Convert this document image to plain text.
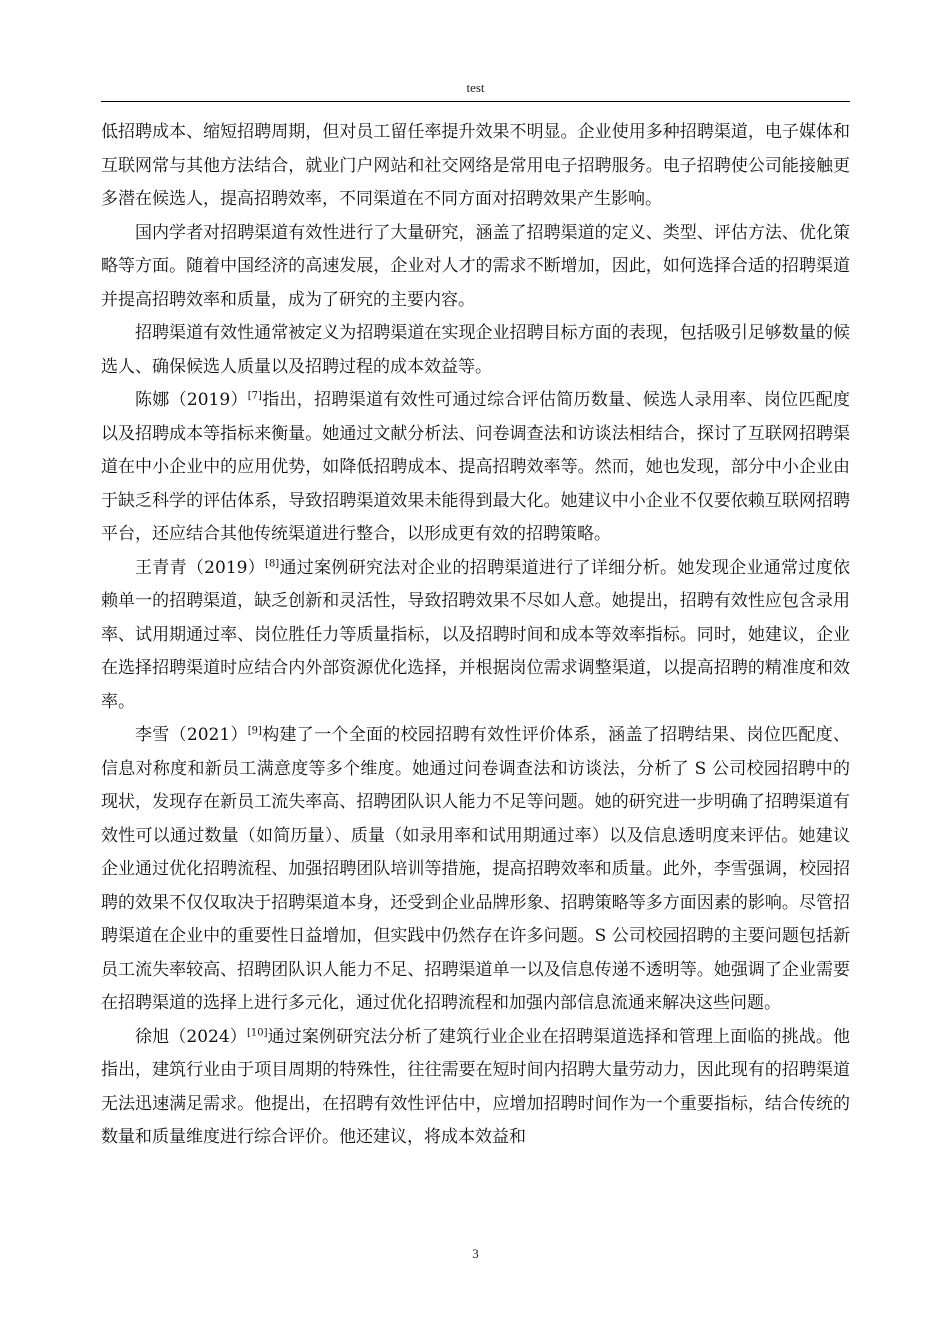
test

低招聘成本、缩短招聘周期，但对员工留任率提升效果不明显。企业使用多种招聘渠道，电子媒体和互联网常与其他方法结合，就业门户网站和社交网络是常用电子招聘服务。电子招聘使公司能接触更多潜在候选人，提高招聘效率，不同渠道在不同方面对招聘效果产生影响。

国内学者对招聘渠道有效性进行了大量研究，涵盖了招聘渠道的定义、类型、评估方法、优化策略等方面。随着中国经济的高速发展，企业对人才的需求不断增加，因此，如何选择合适的招聘渠道并提高招聘效率和质量，成为了研究的主要内容。

招聘渠道有效性通常被定义为招聘渠道在实现企业招聘目标方面的表现，包括吸引足够数量的候选人、确保候选人质量以及招聘过程的成本效益等。

陈娜（2019）[7]指出，招聘渠道有效性可通过综合评估简历数量、候选人录用率、岗位匹配度以及招聘成本等指标来衡量。她通过文献分析法、问卷调查法和访谈法相结合，探讨了互联网招聘渠道在中小企业中的应用优势，如降低招聘成本、提高招聘效率等。然而，她也发现，部分中小企业由于缺乏科学的评估体系，导致招聘渠道效果未能得到最大化。她建议中小企业不仅要依赖互联网招聘平台，还应结合其他传统渠道进行整合，以形成更有效的招聘策略。

王青青（2019）[8]通过案例研究法对企业的招聘渠道进行了详细分析。她发现企业通常过度依赖单一的招聘渠道，缺乏创新和灵活性，导致招聘效果不尽如人意。她提出，招聘有效性应包含录用率、试用期通过率、岗位胜任力等质量指标，以及招聘时间和成本等效率指标。同时，她建议，企业在选择招聘渠道时应结合内外部资源优化选择，并根据岗位需求调整渠道，以提高招聘的精准度和效率。

李雪（2021）[9]构建了一个全面的校园招聘有效性评价体系，涵盖了招聘结果、岗位匹配度、信息对称度和新员工满意度等多个维度。她通过问卷调查法和访谈法，分析了 S 公司校园招聘中的现状，发现存在新员工流失率高、招聘团队识人能力不足等问题。她的研究进一步明确了招聘渠道有效性可以通过数量（如简历量）、质量（如录用率和试用期通过率）以及信息透明度来评估。她建议企业通过优化招聘流程、加强招聘团队培训等措施，提高招聘效率和质量。此外，李雪强调，校园招聘的效果不仅仅取决于招聘渠道本身，还受到企业品牌形象、招聘策略等多方面因素的影响。尽管招聘渠道在企业中的重要性日益增加，但实践中仍然存在许多问题。S 公司校园招聘的主要问题包括新员工流失率较高、招聘团队识人能力不足、招聘渠道单一以及信息传递不透明等。她强调了企业需要在招聘渠道的选择上进行多元化，通过优化招聘流程和加强内部信息流通来解决这些问题。

徐旭（2024）[10]通过案例研究法分析了建筑行业企业在招聘渠道选择和管理上面临的挑战。他指出，建筑行业由于项目周期的特殊性，往往需要在短时间内招聘大量劳动力，因此现有的招聘渠道无法迅速满足需求。他提出，在招聘有效性评估中，应增加招聘时间作为一个重要指标，结合传统的数量和质量维度进行综合评价。他还建议，将成本效益和

3
